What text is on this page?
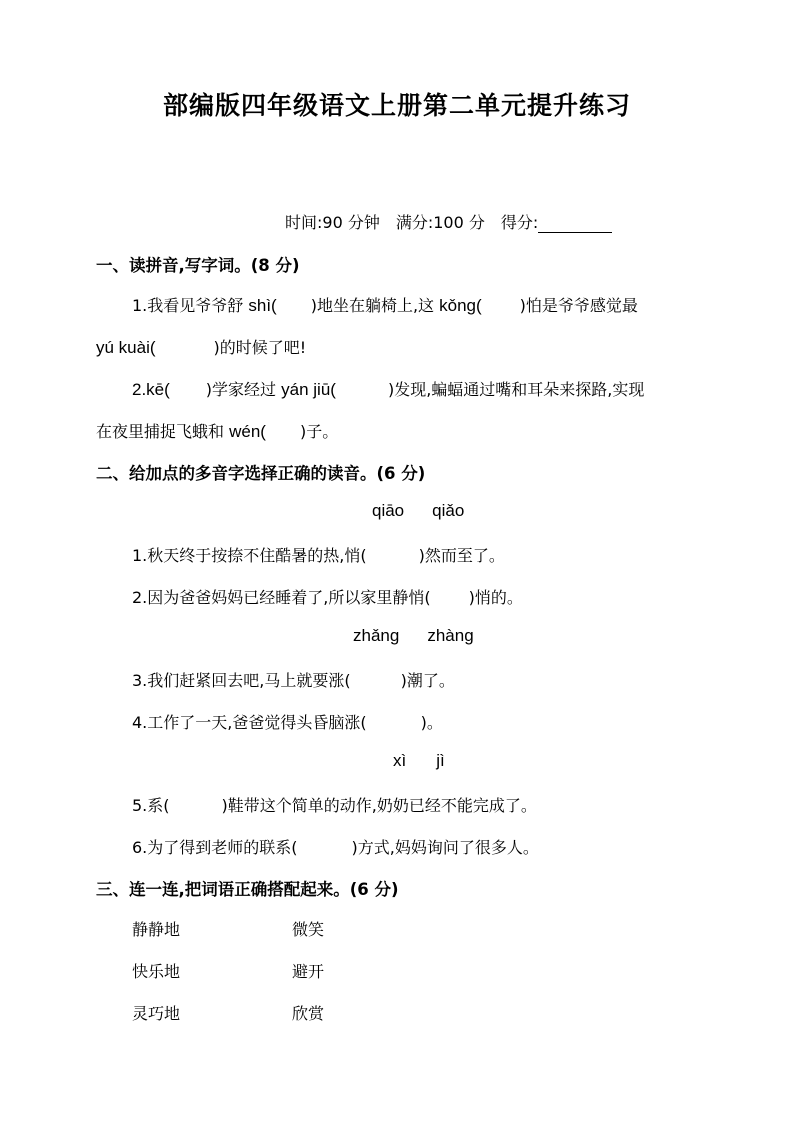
部编版四年级语文上册第二单元提升练习
时间:90 分钟 满分:100 分 得分:
一、读拼音,写字词。(8 分)
1.我看见爷爷舒 shì( )地坐在躺椅上,这 kǒng( )怕是爷爷感觉最
yú kuài(	)的时候了吧!
2.kē( )学家经过 yán jiū(	)发现,蝙蝠通过嘴和耳朵来探路,实现
在夜里捕捉飞蛾和 wén( )子。
二、给加点的多音字选择正确的读音。(6 分)
qiāo qiǎo
1.秋天终于按捺不住酷暑的热,悄(	)然而至了。
2.因为爸爸妈妈已经睡着了,所以家里静悄( )悄的。
zhǎng zhàng
3.我们赶紧回去吧,马上就要涨(	)潮了。
4.工作了一天,爸爸觉得头昏脑涨(	)。
xì jì
5.系(	)鞋带这个简单的动作,奶奶已经不能完成了。
6.为了得到老师的联系(	)方式,妈妈询问了很多人。
三、连一连,把词语正确搭配起来。(6 分)
静静地	微笑
快乐地	避开
灵巧地	欣赏
